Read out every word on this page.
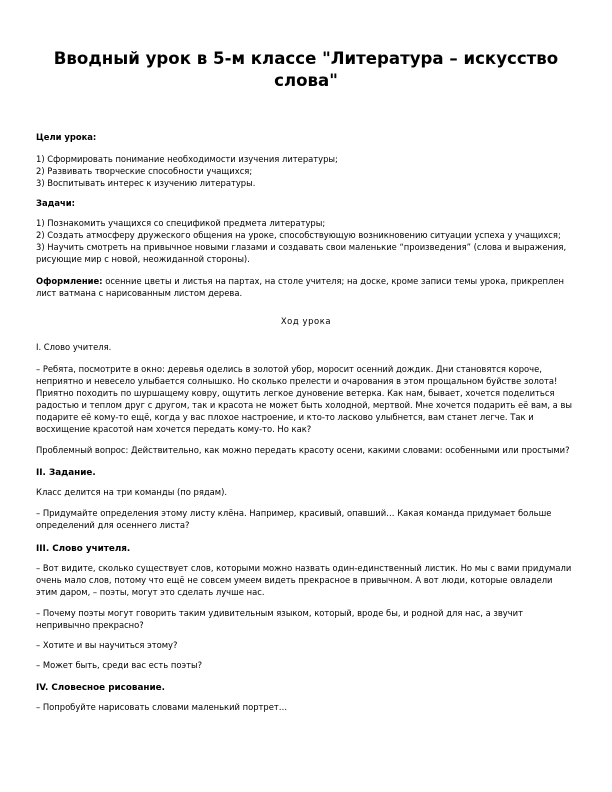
Вводный урок в 5-м классе "Литература – искусство слова"

Цели урока:

1) Сформировать понимание необходимости изучения литературы;

2) Развивать творческие способности учащихся;

3) Воспитывать интерес к изучению литературы.

Задачи:

1) Познакомить учащихся со спецификой предмета литературы;

2) Создать атмосферу дружеского общения на уроке, способствующую возникновению ситуации успеха у учащихся;

3) Научить смотреть на привычное новыми глазами и создавать свои маленькие “произведения” (слова и выражения, рисующие мир с новой, неожиданной стороны).

Оформление: осенние цветы и листья на партах, на столе учителя; на доске, кроме записи темы урока, прикреплен лист ватмана с нарисованным листом дерева.

Ход урока

I. Слово учителя.

– Ребята, посмотрите в окно: деревья оделись в золотой убор, моросит осенний дождик. Дни становятся короче, неприятно и невесело улыбается солнышко. Но сколько прелести и очарования в этом прощальном буйстве золота! Приятно походить по шуршащему ковру, ощутить легкое дуновение ветерка. Как нам, бывает, хочется поделиться радостью и теплом друг с другом, так и красота не может быть холодной, мертвой. Мне хочется подарить её вам, а вы подарите её кому-то ещё, когда у вас плохое настроение, и кто-то ласково улыбнется, вам станет легче. Так и восхищение красотой нам хочется передать кому-то. Но как?

Проблемный вопрос: Действительно, как можно передать красоту осени, какими словами: особенными или простыми?

II. Задание.

Класс делится на три команды (по рядам).

– Придумайте определения этому листу клёна. Например, красивый, опавший… Какая команда придумает больше определений для осеннего листа?

III. Слово учителя.

– Вот видите, сколько существует слов, которыми можно назвать один-единственный листик. Но мы с вами придумали очень мало слов, потому что ещё не совсем умеем видеть прекрасное в привычном. А вот люди, которые овладели этим даром, – поэты, могут это сделать лучше нас.

– Почему поэты могут говорить таким удивительным языком, который, вроде бы, и родной для нас, а звучит непривычно прекрасно?

– Хотите и вы научиться этому?

– Может быть, среди вас есть поэты?

IV. Словесное рисование.

– Попробуйте нарисовать словами маленький портрет…
